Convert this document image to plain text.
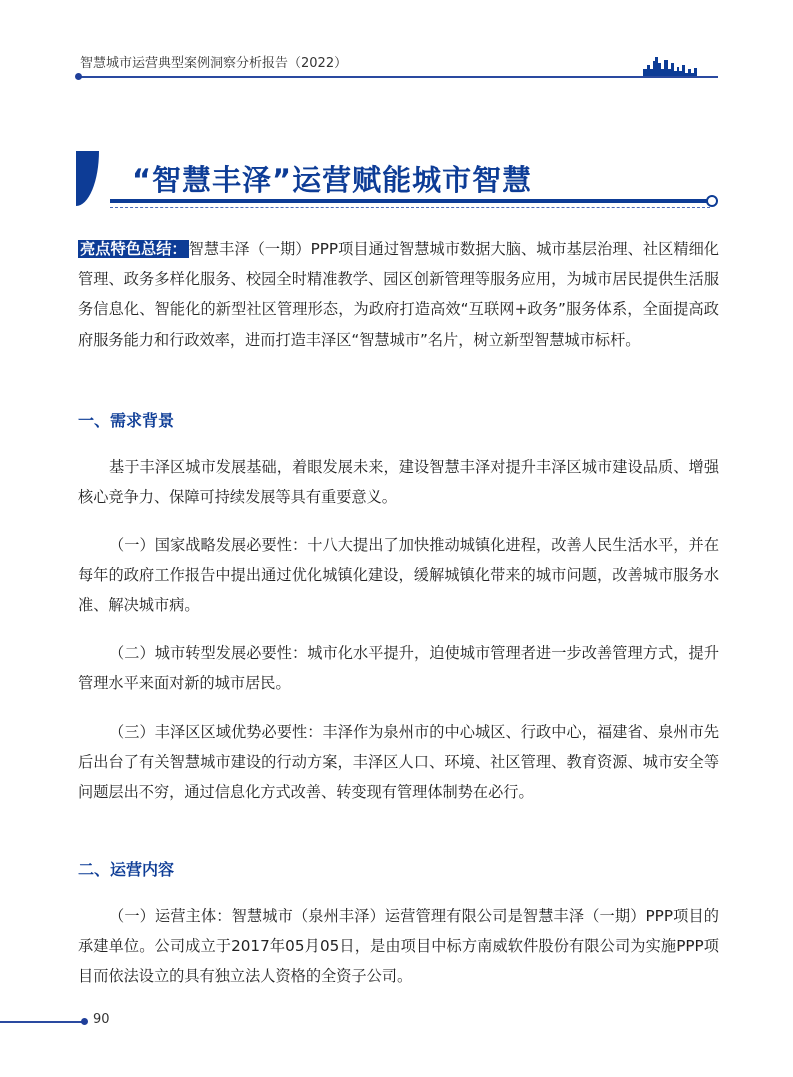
智慧城市运营典型案例洞察分析报告（2022）
“智慧丰泽”运营赋能城市智慧
亮点特色总结： 智慧丰泽（一期）PPP项目通过智慧城市数据大脑、城市基层治理、社区精细化管理、政务多样化服务、校园全时精准教学、园区创新管理等服务应用，为城市居民提供生活服务信息化、智能化的新型社区管理形态，为政府打造高效“互联网+政务”服务体系，全面提高政府服务能力和行政效率，进而打造丰泽区“智慧城市”名片，树立新型智慧城市标杆。
一、需求背景
基于丰泽区城市发展基础，着眼发展未来，建设智慧丰泽对提升丰泽区城市建设品质、增强核心竞争力、保障可持续发展等具有重要意义。
（一）国家战略发展必要性：十八大提出了加快推动城镇化进程，改善人民生活水平，并在每年的政府工作报告中提出通过优化城镇化建设，缓解城镇化带来的城市问题，改善城市服务水准、解决城市病。
（二）城市转型发展必要性：城市化水平提升，迫使城市管理者进一步改善管理方式，提升管理水平来面对新的城市居民。
（三）丰泽区区域优势必要性：丰泽作为泉州市的中心城区、行政中心，福建省、泉州市先后出台了有关智慧城市建设的行动方案，丰泽区人口、环境、社区管理、教育资源、城市安全等问题层出不穷，通过信息化方式改善、转变现有管理体制势在必行。
二、运营内容
（一）运营主体：智慧城市（泉州丰泽）运营管理有限公司是智慧丰泽（一期）PPP项目的承建单位。公司成立于2017年05月05日，是由项目中标方南威软件股份有限公司为实施PPP项目而依法设立的具有独立法人资格的全资子公司。
90
